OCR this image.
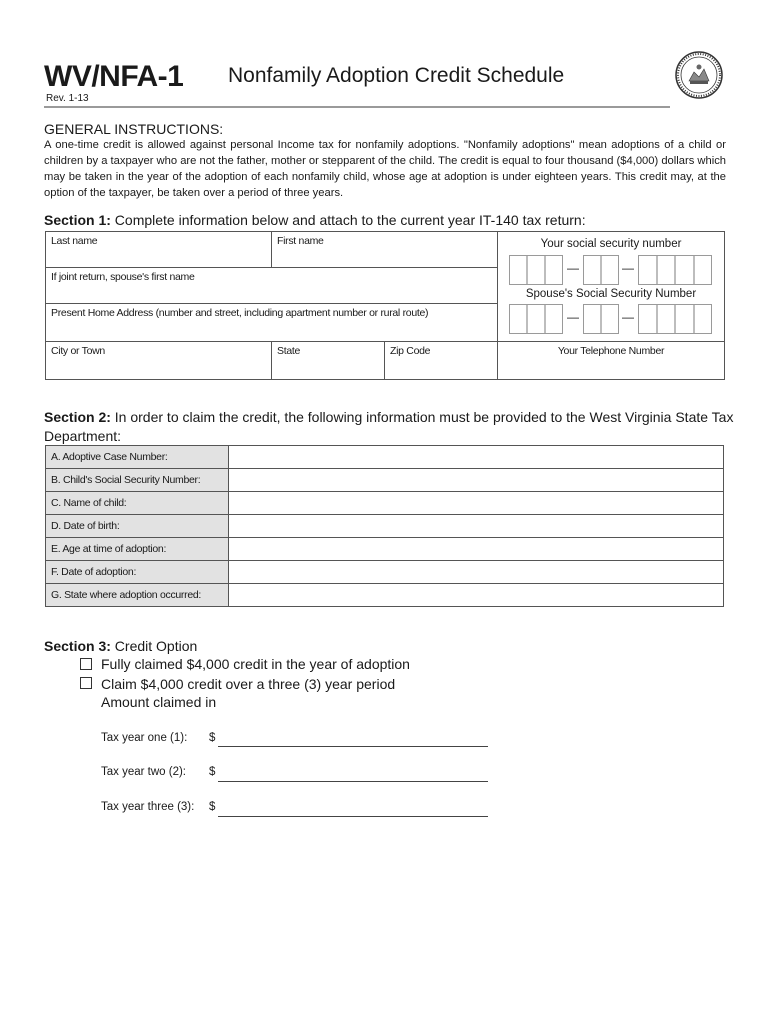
WV/NFA-1 Nonfamily Adoption Credit Schedule
Rev. 1-13
GENERAL INSTRUCTIONS:
A one-time credit is allowed against personal Income tax for nonfamily adoptions. "Nonfamily adoptions" mean adoptions of a child or children by a taxpayer who are not the father, mother or stepparent of the child. The credit is equal to four thousand ($4,000) dollars which may be taken in the year of the adoption of each nonfamily child, whose age at adoption is under eighteen years. This credit may, at the option of the taxpayer, be taken over a period of three years.
Section 1: Complete information below and attach to the current year IT-140 tax return:
Last name	First name
If joint return, spouse's first name
Present Home Address (number and street, including apartment number or rural route)
City or Town	State	Zip Code
Your social security number
—	—
Spouse's Social Security Number
—	—
Your Telephone Number
Section 2: In order to claim the credit, the following information must be provided to the West Virginia State Tax Department:
A. Adoptive Case Number:
B. Child's Social Security Number:
C. Name of child:
D. Date of birth:
E. Age at time of adoption:
F. Date of adoption:
G. State where adoption occurred:
Section 3: Credit Option
Fully claimed $4,000 credit in the year of adoption
Claim $4,000 credit over a three (3) year period
Amount claimed in
Tax year one (1): $
Tax year two (2): $
Tax year three (3): $
